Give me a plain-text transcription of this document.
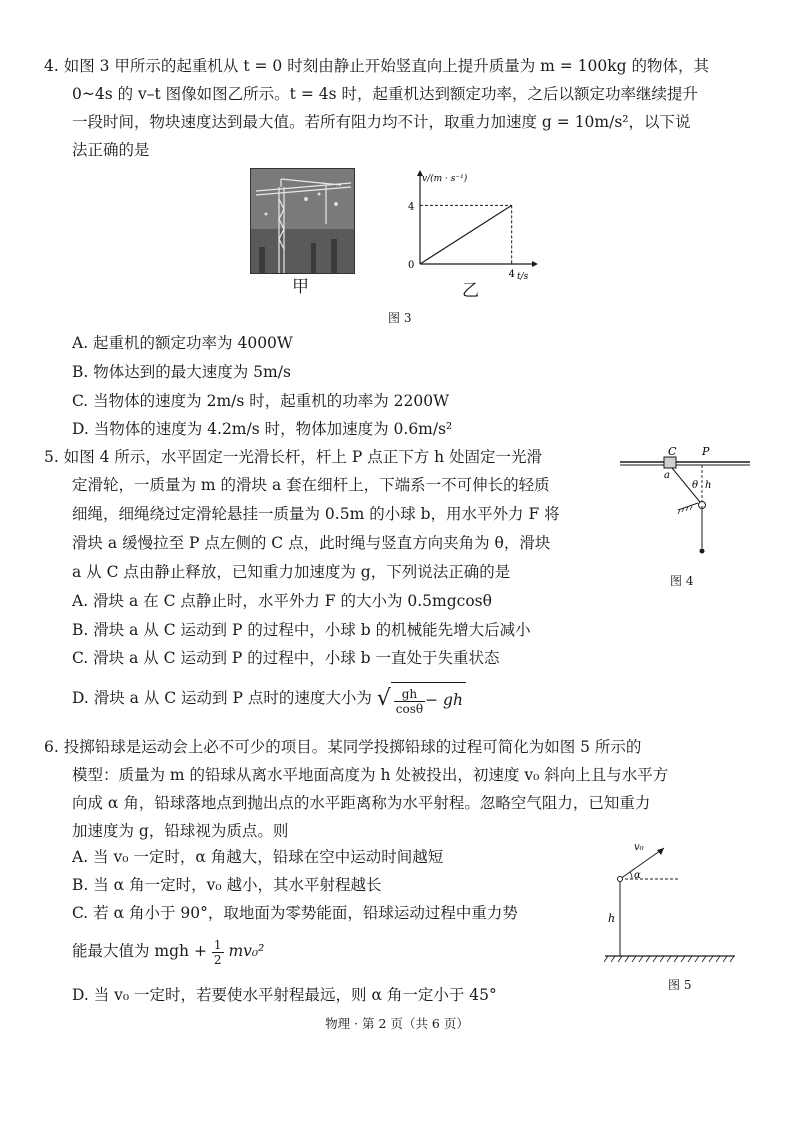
4. 如图 3 甲所示的起重机从 t = 0 时刻由静止开始竖直向上提升质量为 m = 100kg 的物体，其
0~4s 的 v–t 图像如图乙所示。t = 4s 时，起重机达到额定功率，之后以额定功率继续提升
一段时间，物块速度达到最大值。若所有阻力均不计，取重力加速度 g = 10m/s²，以下说
法正确的是
甲
v/(m · s⁻¹)
4
4
0
t/s
乙
图 3
A. 起重机的额定功率为 4000W
B. 物体达到的最大速度为 5m/s
C. 当物体的速度为 2m/s 时，起重机的功率为 2200W
D. 当物体的速度为 4.2m/s 时，物体加速度为 0.6m/s²
5. 如图 4 所示，水平固定一光滑长杆，杆上 P 点正下方 h 处固定一光滑
定滑轮，一质量为 m 的滑块 a 套在细杆上，下端系一不可伸长的轻质
细绳，细绳绕过定滑轮悬挂一质量为 0.5m 的小球 b，用水平外力 F 将
滑块 a 缓慢拉至 P 点左侧的 C 点，此时绳与竖直方向夹角为 θ，滑块
a 从 C 点由静止释放，已知重力加速度为 g，下列说法正确的是
C P
a
θ h
图 4
A. 滑块 a 在 C 点静止时，水平外力 F 的大小为 0.5mgcosθ
B. 滑块 a 从 C 运动到 P 的过程中，小球 b 的机械能先增大后减小
C. 滑块 a 从 C 运动到 P 的过程中，小球 b 一直处于失重状态
D. 滑块 a 从 C 运动到 P 点时的速度大小为 √ $\frac{gh}{\cos\theta}$ − gh
6. 投掷铅球是运动会上必不可少的项目。某同学投掷铅球的过程可简化为如图 5 所示的
模型：质量为 m 的铅球从离水平地面高度为 h 处被投出，初速度 v₀ 斜向上且与水平方
向成 α 角，铅球落地点到抛出点的水平距离称为水平射程。忽略空气阻力，已知重力
加速度为 g，铅球视为质点。则
v₀
α
h
图 5
A. 当 v₀ 一定时，α 角越大，铅球在空中运动时间越短
B. 当 α 角一定时，v₀ 越小，其水平射程越长
C. 若 α 角小于 90°，取地面为零势能面，铅球运动过程中重力势
能最大值为 mgh + $\frac{1}{2} mv_0^2$
D. 当 v₀ 一定时，若要使水平射程最远，则 α 角一定小于 45°
物理 · 第 2 页（共 6 页）
